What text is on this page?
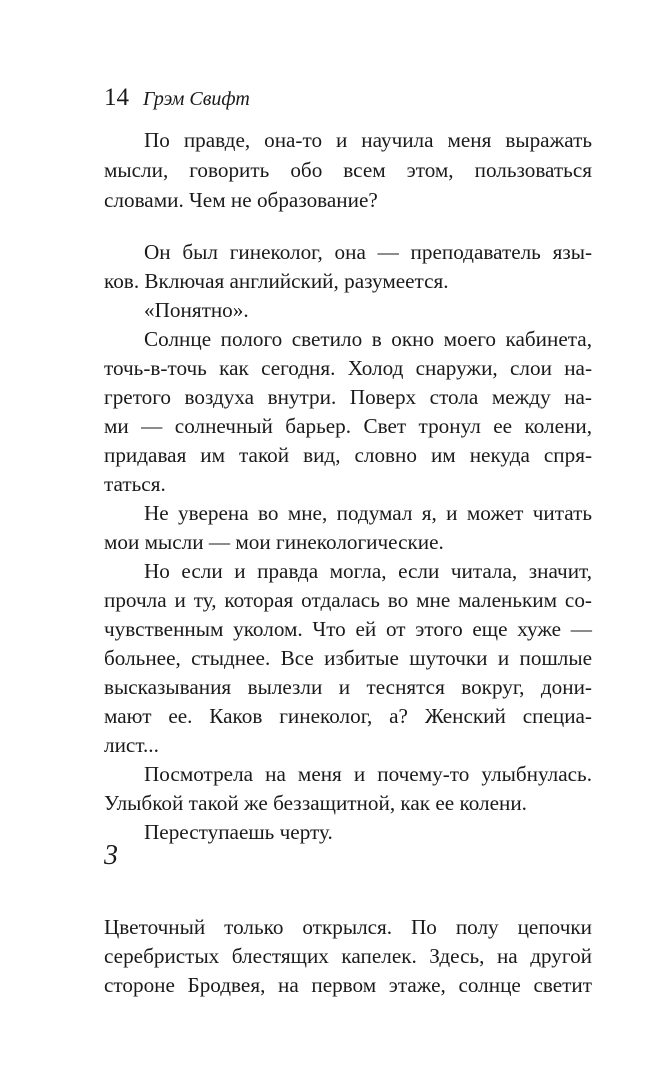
14 Грэм Свифт
По правде, она-то и научила меня выражать
мысли, говорить обо всем этом, пользоваться
словами. Чем не образование?
Он был гинеколог, она — преподаватель язы-
ков. Включая английский, разумеется.
«Понятно».
Солнце полого светило в окно моего кабинета,
точь-в-точь как сегодня. Холод снаружи, слои на-
гретого воздуха внутри. Поверх стола между на-
ми — солнечный барьер. Свет тронул ее колени,
придавая им такой вид, словно им некуда спря-
таться.
Не уверена во мне, подумал я, и может читать
мои мысли — мои гинекологические.
Но если и правда могла, если читала, значит,
прочла и ту, которая отдалась во мне маленьким со-
чувственным уколом. Что ей от этого еще хуже —
больнее, стыднее. Все избитые шуточки и пошлые
высказывания вылезли и теснятся вокруг, дони-
мают ее. Каков гинеколог, а? Женский специа-
лист...
Посмотрела на меня и почему-то улыбнулась.
Улыбкой такой же беззащитной, как ее колени.
Переступаешь черту.
3
Цветочный только открылся. По полу цепочки
серебристых блестящих капелек. Здесь, на другой
стороне Бродвея, на первом этаже, солнце светит
